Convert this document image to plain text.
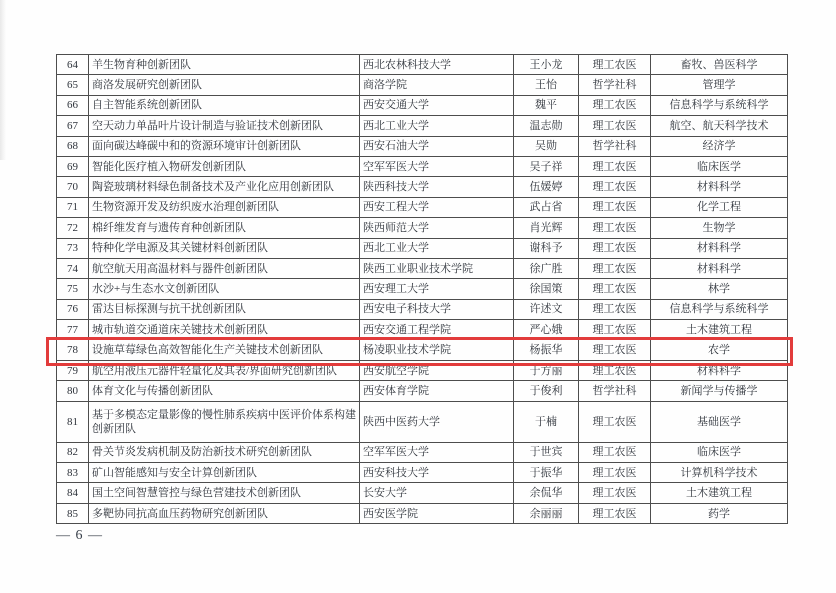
64	羊生物育种创新团队	西北农林科技大学	王小龙	理工农医	畜牧、兽医科学
65	商洛发展研究创新团队	商洛学院	王怡	哲学社科	管理学
66	自主智能系统创新团队	西安交通大学	魏平	理工农医	信息科学与系统科学
67	空天动力单晶叶片设计制造与验证技术创新团队	西北工业大学	温志勋	理工农医	航空、航天科学技术
68	面向碳达峰碳中和的资源环境审计创新团队	西安石油大学	吴勋	哲学社科	经济学
69	智能化医疗植入物研发创新团队	空军军医大学	吴子祥	理工农医	临床医学
70	陶瓷玻璃材料绿色制备技术及产业化应用创新团队	陕西科技大学	伍媛婷	理工农医	材料科学
71	生物资源开发及纺织废水治理创新团队	西安工程大学	武占省	理工农医	化学工程
72	棉纤维发育与遗传育种创新团队	陕西师范大学	肖光辉	理工农医	生物学
73	特种化学电源及其关键材料创新团队	西北工业大学	谢科予	理工农医	材料科学
74	航空航天用高温材料与器件创新团队	陕西工业职业技术学院	徐广胜	理工农医	材料科学
75	水沙+与生态水文创新团队	西安理工大学	徐国策	理工农医	林学
76	雷达目标探测与抗干扰创新团队	西安电子科技大学	许述文	理工农医	信息科学与系统科学
77	城市轨道交通道床关键技术创新团队	西安交通工程学院	严心娥	理工农医	土木建筑工程
78	设施草莓绿色高效智能化生产关键技术创新团队	杨凌职业技术学院	杨振华	理工农医	农学
79	航空用液压元器件轻量化及其表/界面研究创新团队	西安航空学院	于方丽	理工农医	材料科学
80	体育文化与传播创新团队	西安体育学院	于俊利	哲学社科	新闻学与传播学
81	基于多模态定量影像的慢性肺系疾病中医评价体系构建创新团队	陕西中医药大学	于楠	理工农医	基础医学
82	骨关节炎发病机制及防治新技术研究创新团队	空军军医大学	于世宾	理工农医	临床医学
83	矿山智能感知与安全计算创新团队	西安科技大学	于振华	理工农医	计算机科学技术
84	国土空间智慧管控与绿色营建技术创新团队	长安大学	余侃华	理工农医	土木建筑工程
85	多靶协同抗高血压药物研究创新团队	西安医学院	余丽丽	理工农医	药学
— 6 —
